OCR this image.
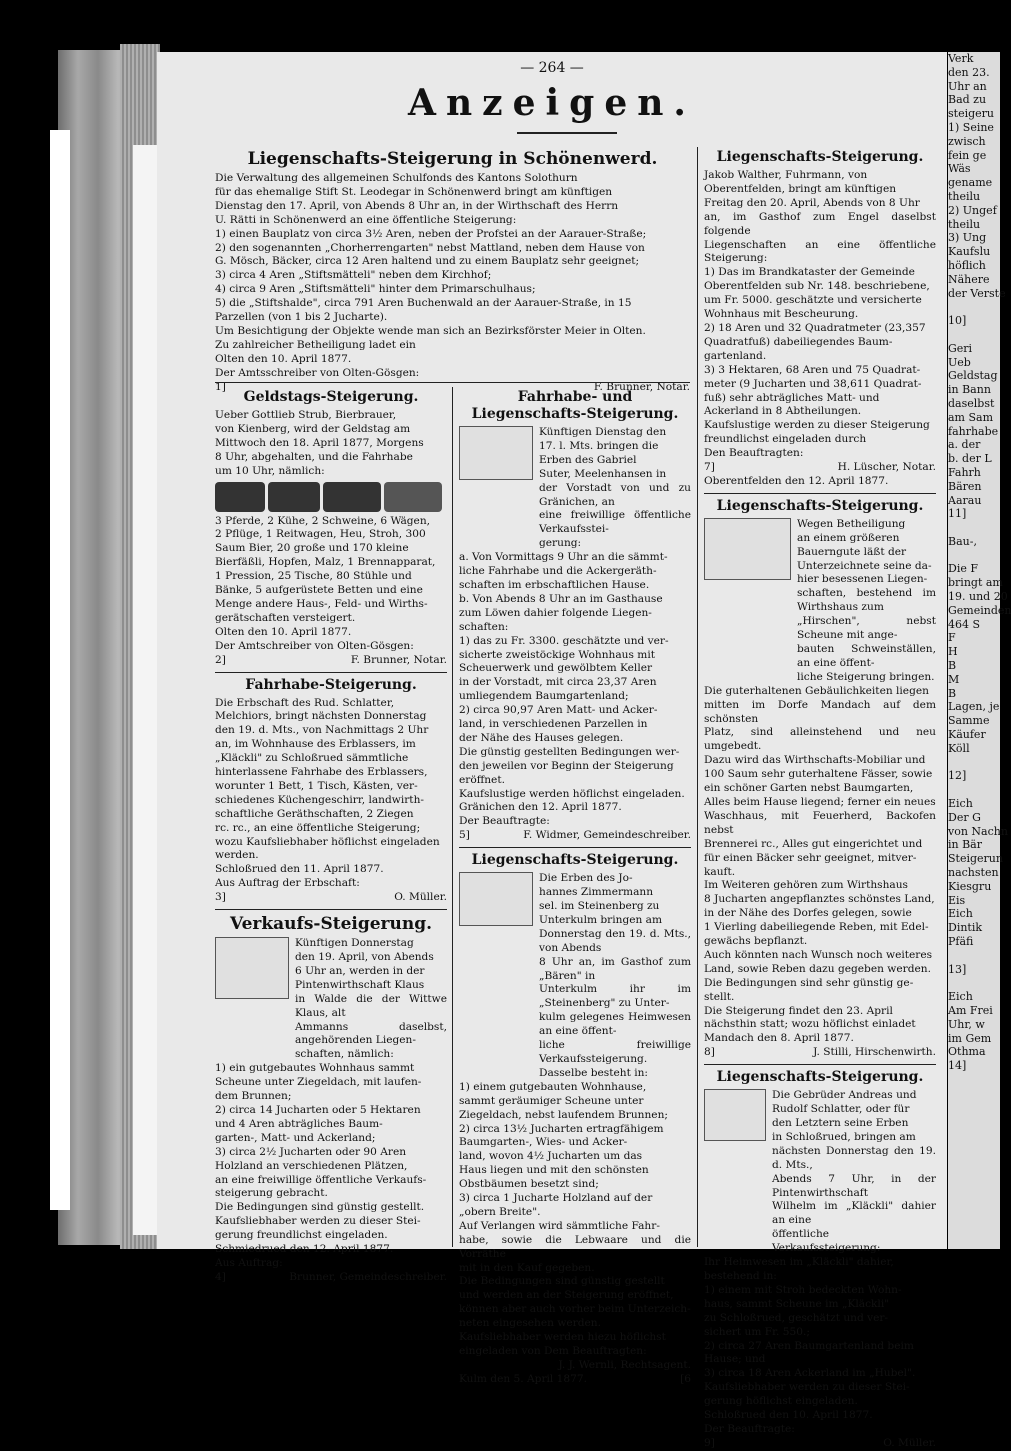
— 264 —
Anzeigen.
Liegenschafts-Steigerung in Schönenwerd.
Die Verwaltung des allgemeinen Schulfonds des Kantons Solothurn
für das ehemalige Stift St. Leodegar in Schönenwerd bringt am künftigen
Dienstag den 17. April, von Abends 8 Uhr an, in der Wirthschaft des Herrn
U. Rätti in Schönenwerd an eine öffentliche Steigerung:
1) einen Bauplatz von circa 3½ Aren, neben der Profstei an der Aarauer-Straße;
2) den sogenannten „Chorherrengarten" nebst Mattland, neben dem Hause von
G. Mösch, Bäcker, circa 12 Aren haltend und zu einem Bauplatz sehr geeignet;
3) circa 4 Aren „Stiftsmätteli" neben dem Kirchhof;
4) circa 9 Aren „Stiftsmätteli" hinter dem Primarschulhaus;
5) die „Stiftshalde", circa 791 Aren Buchenwald an der Aarauer-Straße, in 15
Parzellen (von 1 bis 2 Jucharte).
Um Besichtigung der Objekte wende man sich an Bezirksförster Meier in Olten.
Zu zahlreicher Betheiligung ladet ein
Olten den 10. April 1877.
Der Amtsschreiber von Olten-Gösgen:
1]	F. Brunner, Notar.
Geldstags-Steigerung.
Ueber Gottlieb Strub, Bierbrauer,
von Kienberg, wird der Geldstag am
Mittwoch den 18. April 1877, Morgens
8 Uhr, abgehalten, und die Fahrhabe
um 10 Uhr, nämlich:
3 Pferde, 2 Kühe, 2 Schweine, 6 Wägen,
2 Pflüge, 1 Reitwagen, Heu, Stroh, 300
Saum Bier, 20 große und 170 kleine
Bierfäßli, Hopfen, Malz, 1 Brennapparat,
1 Pression, 25 Tische, 80 Stühle und
Bänke, 5 aufgerüstete Betten und eine
Menge andere Haus-, Feld- und Wirths-
gerätschaften versteigert.
Olten den 10. April 1877.
Der Amtschreiber von Olten-Gösgen:
2]	F. Brunner, Notar.
Fahrhabe-Steigerung.
Die Erbschaft des Rud. Schlatter,
Melchiors, bringt nächsten Donnerstag
den 19. d. Mts., von Nachmittags 2 Uhr
an, im Wohnhause des Erblassers, im
„Kläckli" zu Schloßrued sämmtliche
hinterlassene Fahrhabe des Erblassers,
worunter 1 Bett, 1 Tisch, Kästen, ver-
schiedenes Küchengeschirr, landwirth-
schaftliche Geräthschaften, 2 Ziegen
rc. rc., an eine öffentliche Steigerung;
wozu Kaufsliebhaber höflichst eingeladen
werden.
Schloßrued den 11. April 1877.
Aus Auftrag der Erbschaft:
3]	O. Müller.
Verkaufs-Steigerung.
Künftigen Donnerstag
den 19. April, von Abends
6 Uhr an, werden in der
Pintenwirthschaft Klaus
in Walde die der Wittwe Klaus, alt
Ammanns daselbst, angehörenden Liegen-
schaften, nämlich:
1) ein gutgebautes Wohnhaus sammt
Scheune unter Ziegeldach, mit laufen-
dem Brunnen;
2) circa 14 Jucharten oder 5 Hektaren
und 4 Aren abträgliches Baum-
garten-, Matt- und Ackerland;
3) circa 2½ Jucharten oder 90 Aren
Holzland an verschiedenen Plätzen,
an eine freiwillige öffentliche Verkaufs-
steigerung gebracht.
Die Bedingungen sind günstig gestellt.
Kaufsliebhaber werden zu dieser Stei-
gerung freundlichst eingeladen.
Schmiedrued den 12. April 1877.
Aus Auftrag:
4]	Brunner, Gemeindeschreiber.
Fahrhabe- und Liegenschafts-Steigerung.
Künftigen Dienstag den
17. l. Mts. bringen die
Erben des Gabriel
Suter, Meelenhansen in
der Vorstadt von und zu Gränichen, an
eine freiwillige öffentliche Verkaufsstei-
gerung:
a. Von Vormittags 9 Uhr an die sämmt-
liche Fahrhabe und die Ackergeräth-
schaften im erbschaftlichen Hause.
b. Von Abends 8 Uhr an im Gasthause
zum Löwen dahier folgende Liegen-
schaften:
1) das zu Fr. 3300. geschätzte und ver-
sicherte zweistöckige Wohnhaus mit
Scheuerwerk und gewölbtem Keller
in der Vorstadt, mit circa 23,37 Aren
umliegendem Baumgartenland;
2) circa 90,97 Aren Matt- und Acker-
land, in verschiedenen Parzellen in
der Nähe des Hauses gelegen.
Die günstig gestellten Bedingungen wer-
den jeweilen vor Beginn der Steigerung
eröffnet.
Kaufslustige werden höflichst eingeladen.
Gränichen den 12. April 1877.
Der Beauftragte:
5]	F. Widmer, Gemeindeschreiber.
Liegenschafts-Steigerung.
Die Erben des Jo-
hannes Zimmermann
sel. im Steinenberg zu
Unterkulm bringen am
Donnerstag den 19. d. Mts., von Abends
8 Uhr an, im Gasthof zum „Bären" in
Unterkulm ihr im „Steinenberg" zu Unter-
kulm gelegenes Heimwesen an eine öffent-
liche freiwillige Verkaufssteigerung.
Dasselbe besteht in:
1) einem gutgebauten Wohnhause,
sammt geräumiger Scheune unter
Ziegeldach, nebst laufendem Brunnen;
2) circa 13½ Jucharten ertragfähigem
Baumgarten-, Wies- und Acker-
land, wovon 4½ Jucharten um das
Haus liegen und mit den schönsten
Obstbäumen besetzt sind;
3) circa 1 Jucharte Holzland auf der
„obern Breite".
Auf Verlangen wird sämmtliche Fahr-
habe, sowie die Lebwaare und die Vorräthe
mit in den Kauf gegeben.
Die Bedingungen sind günstig gestellt
und werden an der Steigerung eröffnet,
können aber auch vorher beim Unterzeich-
neten eingesehen werden.
Kaufsliebhaber werden hiezu höflichst
eingeladen von Dem Beauftragten:
J. J. Wernli, Rechtsagent.
Kulm den 5. April 1877.	[6
Liegenschafts-Steigerung.
Jakob Walther, Fuhrmann, von
Oberentfelden, bringt am künftigen
Freitag den 20. April, Abends von 8 Uhr
an, im Gasthof zum Engel daselbst folgende
Liegenschaften an eine öffentliche Steigerung:
1) Das im Brandkataster der Gemeinde
Oberentfelden sub Nr. 148. beschriebene,
um Fr. 5000. geschätzte und versicherte
Wohnhaus mit Bescheurung.
2) 18 Aren und 32 Quadratmeter (23,357
Quadratfuß) dabeiliegendes Baum-
gartenland.
3) 3 Hektaren, 68 Aren und 75 Quadrat-
meter (9 Jucharten und 38,611 Quadrat-
fuß) sehr abträgliches Matt- und
Ackerland in 8 Abtheilungen.
Kaufslustige werden zu dieser Steigerung
freundlichst eingeladen durch
Den Beauftragten:
7]	H. Lüscher, Notar.
Oberentfelden den 12. April 1877.
Liegenschafts-Steigerung.
Wegen Betheiligung
an einem größeren
Bauerngute läßt der
Unterzeichnete seine da-
hier besessenen Liegen-
schaften, bestehend im Wirthshaus zum
„Hirschen", nebst Scheune mit ange-
bauten Schweinställen, an eine öffent-
liche Steigerung bringen.
Die guterhaltenen Gebäulichkeiten liegen
mitten im Dorfe Mandach auf dem schönsten
Platz, sind alleinstehend und neu umgebedt.
Dazu wird das Wirthschafts-Mobiliar und
100 Saum sehr guterhaltene Fässer, sowie
ein schöner Garten nebst Baumgarten,
Alles beim Hause liegend; ferner ein neues
Waschhaus, mit Feuerherd, Backofen nebst
Brennerei rc., Alles gut eingerichtet und
für einen Bäcker sehr geeignet, mitver-
kauft.
Im Weiteren gehören zum Wirthshaus
8 Jucharten angepflanztes schönstes Land,
in der Nähe des Dorfes gelegen, sowie
1 Vierling dabeiliegende Reben, mit Edel-
gewächs bepflanzt.
Auch könnten nach Wunsch noch weiteres
Land, sowie Reben dazu gegeben werden.
Die Bedingungen sind sehr günstig ge-
stellt.
Die Steigerung findet den 23. April
nächsthin statt; wozu höflichst einladet
Mandach den 8. April 1877.
8]	J. Stilli, Hirschenwirth.
Liegenschafts-Steigerung.
Die Gebrüder Andreas und
Rudolf Schlatter, oder für
den Letztern seine Erben
in Schloßrued, bringen am
nächsten Donnerstag den 19. d. Mts.,
Abends 7 Uhr, in der Pintenwirthschaft
Wilhelm im „Kläckli" dahier an eine
öffentliche Verkaufssteigerung:
Ihr Heimwesen im „Kläckli" dahier,
bestehend in:
1) einem mit Stroh bedeckten Wohn-
haus, sammt Scheune im „Kläckli"
zu Schloßrued, geschätzt und ver-
sichert um Fr. 550.;
2) circa 27 Aren Baumgartenland beim
Hause; und
3) circa 18 Aren Ackerland im „Hubel".
Kaufsliebhaber werden zu dieser Stei-
gerung höflichst eingeladen.
Schloßrued den 10. April 1877.
Der Beauftragte:
9]	O. Müller.
Verk
den 23.
Uhr an
Bad zu
steigeru
1) Seine
zwisch
fein ge
Wäs
gename
theilu
2) Ungef
theilu
3) Ung
Kaufslu
höflich
Nähere
der Verste

10]

Geri
Ueb
Geldstag
in Bann
daselbst
am Sam
fahrhabe
a. der
b. der L
Fahrh
Bären
Aarau
11]

Bau-,

Die F
bringt am
19. und 20
Gemeinden
464 S
F
H
B
M
B
Lagen, je
Samme
Käufer
Köll

12]

Eich
Der G
von Nachn
in Bär
Steigerun
nachsten
Kiesgru
Eis
Eich
Dintik
Pfäfi

13]

Eich
Am Frei
Uhr, w
im Gem
Othma
14]
